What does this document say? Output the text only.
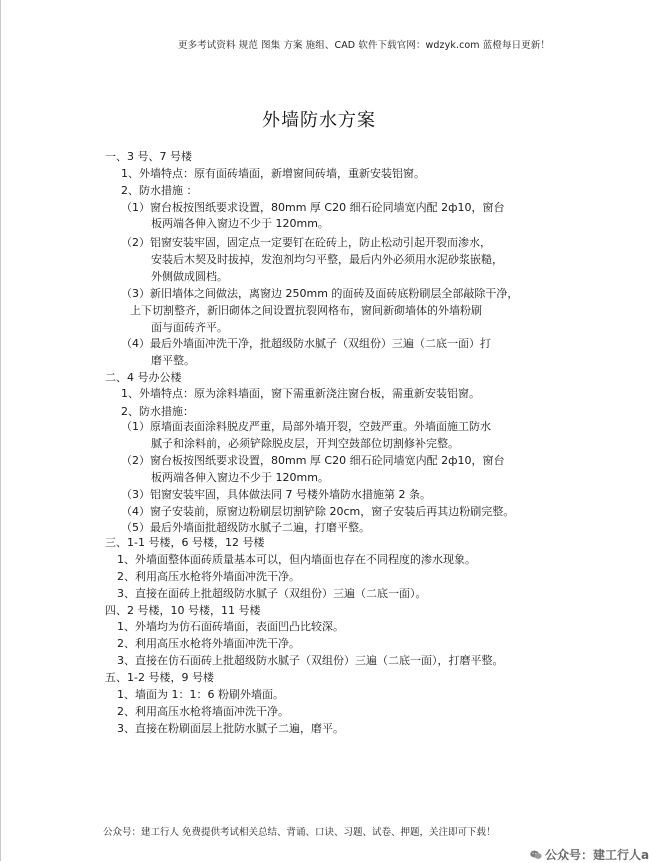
更多考试资料 规范 图集 方案 施组、CAD 软件下载官网：wdzyk.com 蓝橙每日更新！
外墙防水方案
一、3 号、7 号楼
1、外墙特点：原有面砖墙面，新增窗间砖墙，重新安装铝窗。
2、防水措施 ：
（1）窗台板按图纸要求设置，80mm 厚 C20 细石砼同墙宽内配 2ф10，窗台
板两端各伸入窗边不少于 120mm。
（2）铝窗安装牢固，固定点一定要钉在砼砖上，防止松动引起开裂而渗水，
安装后木契及时拔掉，发泡剂均匀平整，最后内外必须用水泥砂浆嵌糙，
外侧做成圆档。
（3）新旧墙体之间做法，离窗边 250mm 的面砖及面砖底粉刷层全部敲除干净，
上下切割整齐，新旧砌体之间设置抗裂网格布，窗间新砌墙体的外墙粉刷
面与面砖齐平。
（4）最后外墙面冲洗干净，批超级防水腻子（双组份）三遍（二底一面）打
磨平整。
二、4 号办公楼
1、外墙特点：原为涂料墙面，窗下需重新浇注窗台板，需重新安装铝窗。
2、防水措施：
（1）原墙面表面涂料脱皮严重，局部外墙开裂，空鼓严重。外墙面施工防水
腻子和涂料前，必须铲除脱皮层，开判空鼓部位切割修补完整。
（2）窗台板按图纸要求设置，80mm 厚 C20 细石砼同墙宽内配 2ф10，窗台
板两端各伸入窗边不少于 120mm。
（3）铝窗安装牢固，具体做法同 7 号楼外墙防水措施第 2 条。
（4）窗子安装前，原窗边粉刷层切割铲除 20cm，窗子安装后再其边粉刷完整。
（5）最后外墙面批超级防水腻子二遍，打磨平整。
三、1-1 号楼，6 号楼，12 号楼
1、外墙面整体面砖质量基本可以，但内墙面也存在不同程度的渗水现象。
2、利用高压水枪将外墙面冲洗干净。
3、直接在面砖上批超级防水腻子（双组份）三遍（二底一面）。
四、2 号楼，10 号楼，11 号楼
1、外墙均为仿石面砖墙面，表面凹凸比较深。
2、利用高压水枪将外墙面冲洗干净。
3、直接在仿石面砖上批超级防水腻子（双组份）三遍（二底一面），打磨平整。
五、1-2 号楼，9 号楼
1、墙面为 1：1：6 粉刷外墙面。
2、利用高压水枪将墙面冲洗干净。
3、直接在粉刷面层上批防水腻子二遍，磨平。
公众号：建工行人 免费提供考试相关总结、背诵、口诀、习题、试卷、押题，关注即可下载！
公众号：建工行人a
